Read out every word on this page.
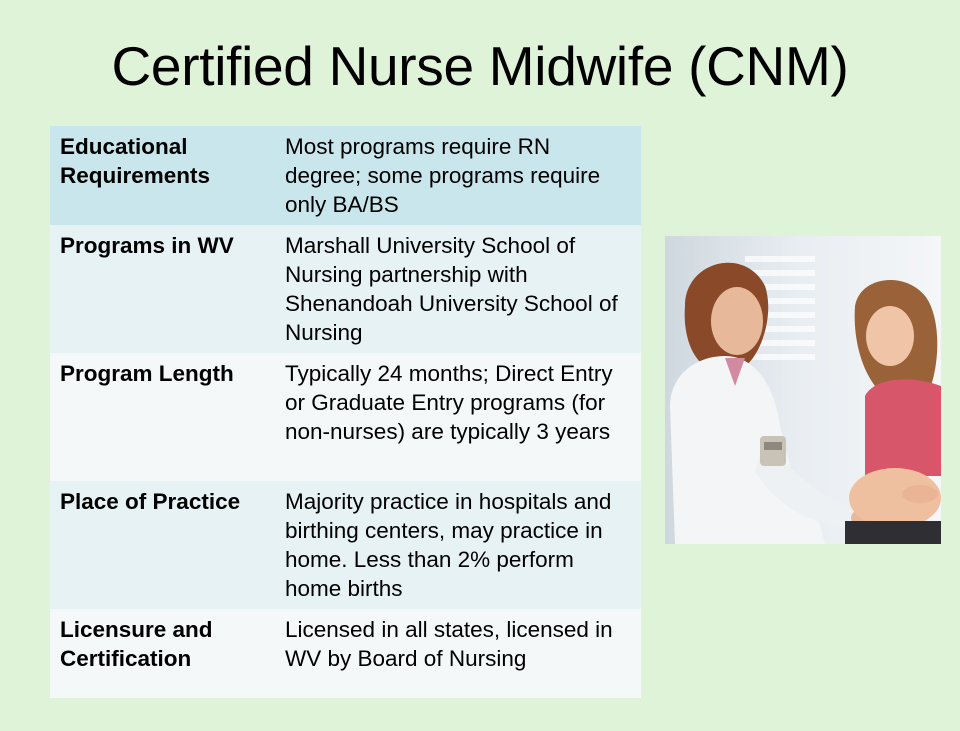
Certified Nurse Midwife (CNM)
Educational Requirements	Most programs require RN degree; some programs require only BA/BS
Programs in WV	Marshall University School of Nursing partnership with Shenandoah University School of Nursing
Program Length	Typically 24 months; Direct Entry or Graduate Entry programs (for non-nurses) are typically 3 years
Place of Practice	Majority practice in hospitals and birthing centers, may practice in home. Less than 2% perform home births
Licensure and Certification	Licensed in all states, licensed in WV by Board of Nursing
